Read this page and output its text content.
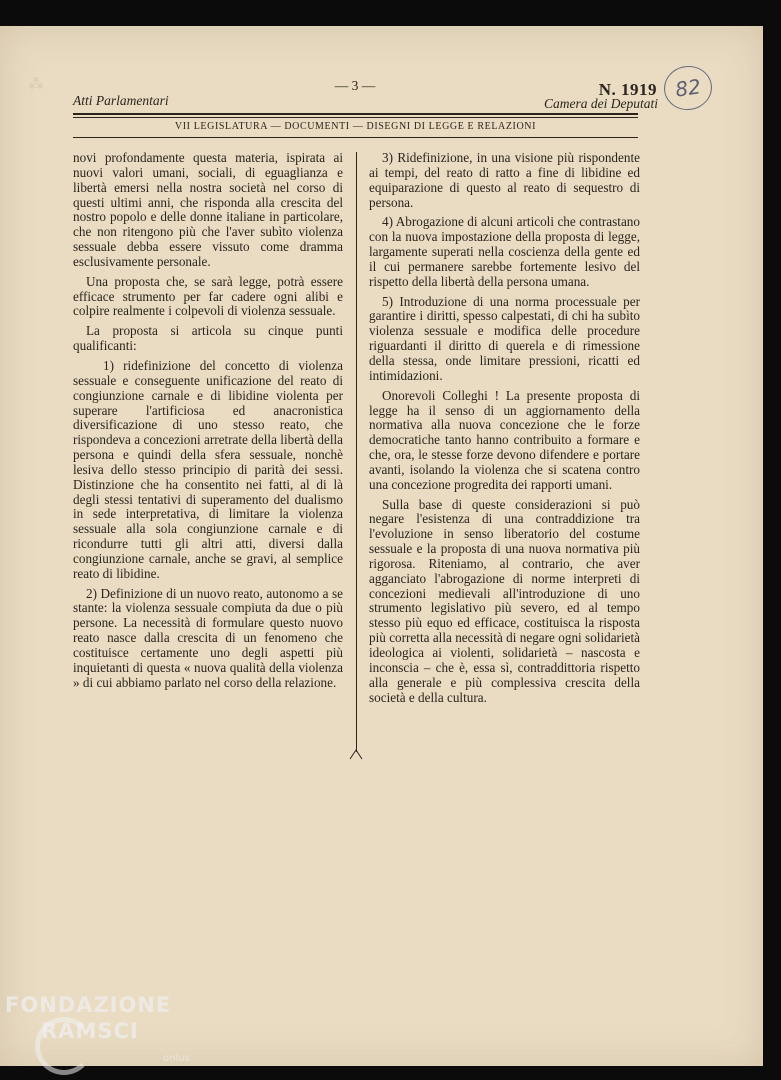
⁂	82
Atti Parlamentari
— 3 —	N. 1919
Camera dei Deputati
VII LEGISLATURA — DOCUMENTI — DISEGNI DI LEGGE E RELAZIONI

novi profondamente questa materia, ispirata ai nuovi valori umani, sociali, di eguaglianza e libertà emersi nella nostra società nel corso di questi ultimi anni, che risponda alla crescita del nostro popolo e delle donne italiane in particolare, che non ritengono più che l'aver subìto violenza sessuale debba essere vissuto come dramma esclusivamente personale.

Una proposta che, se sarà legge, potrà essere efficace strumento per far cadere ogni alibi e colpire realmente i colpevoli di violenza sessuale.

La proposta si articola su cinque punti qualificanti:

1) ridefinizione del concetto di violenza sessuale e conseguente unificazione del reato di congiunzione carnale e di libidine violenta per superare l'artificiosa ed anacronistica diversificazione di uno stesso reato, che rispondeva a concezioni arretrate della libertà della persona e quindi della sfera sessuale, nonchè lesiva dello stesso principio di parità dei sessi. Distinzione che ha consentito nei fatti, al di là degli stessi tentativi di superamento del dualismo in sede interpretativa, di limitare la violenza sessuale alla sola congiunzione carnale e di ricondurre tutti gli altri atti, diversi dalla congiunzione carnale, anche se gravi, al semplice reato di libidine.

2) Definizione di un nuovo reato, autonomo a se stante: la violenza sessuale compiuta da due o più persone. La necessità di formulare questo nuovo reato nasce dalla crescita di un fenomeno che costituisce certamente uno degli aspetti più inquietanti di questa « nuova qualità della violenza » di cui abbiamo parlato nel corso della relazione.

3) Ridefinizione, in una visione più rispondente ai tempi, del reato di ratto a fine di libidine ed equiparazione di questo al reato di sequestro di persona.

4) Abrogazione di alcuni articoli che contrastano con la nuova impostazione della proposta di legge, largamente superati nella coscienza della gente ed il cui permanere sarebbe fortemente lesivo del rispetto della libertà della persona umana.

5) Introduzione di una norma processuale per garantire i diritti, spesso calpestati, di chi ha subìto violenza sessuale e modifica delle procedure riguardanti il diritto di querela e di rimessione della stessa, onde limitare pressioni, ricatti ed intimidazioni.

Onorevoli Colleghi ! La presente proposta di legge ha il senso di un aggiornamento della normativa alla nuova concezione che le forze democratiche tanto hanno contribuito a formare e che, ora, le stesse forze devono difendere e portare avanti, isolando la violenza che si scatena contro una concezione progredita dei rapporti umani.

Sulla base di queste considerazioni si può negare l'esistenza di una contraddizione tra l'evoluzione in senso liberatorio del costume sessuale e la proposta di una nuova normativa più rigorosa. Riteniamo, al contrario, che aver agganciato l'abrogazione di norme interpreti di concezioni medievali all'introduzione di uno strumento legislativo più severo, ed al tempo stesso più equo ed efficace, costituisca la risposta più corretta alla necessità di negare ogni solidarietà ideologica ai violenti, solidarietà – nascosta e inconscia – che è, essa sì, contraddittoria rispetto alla generale e più complessiva crescita della società e della cultura.

FONDAZIONE
RAMSCI
onlus
